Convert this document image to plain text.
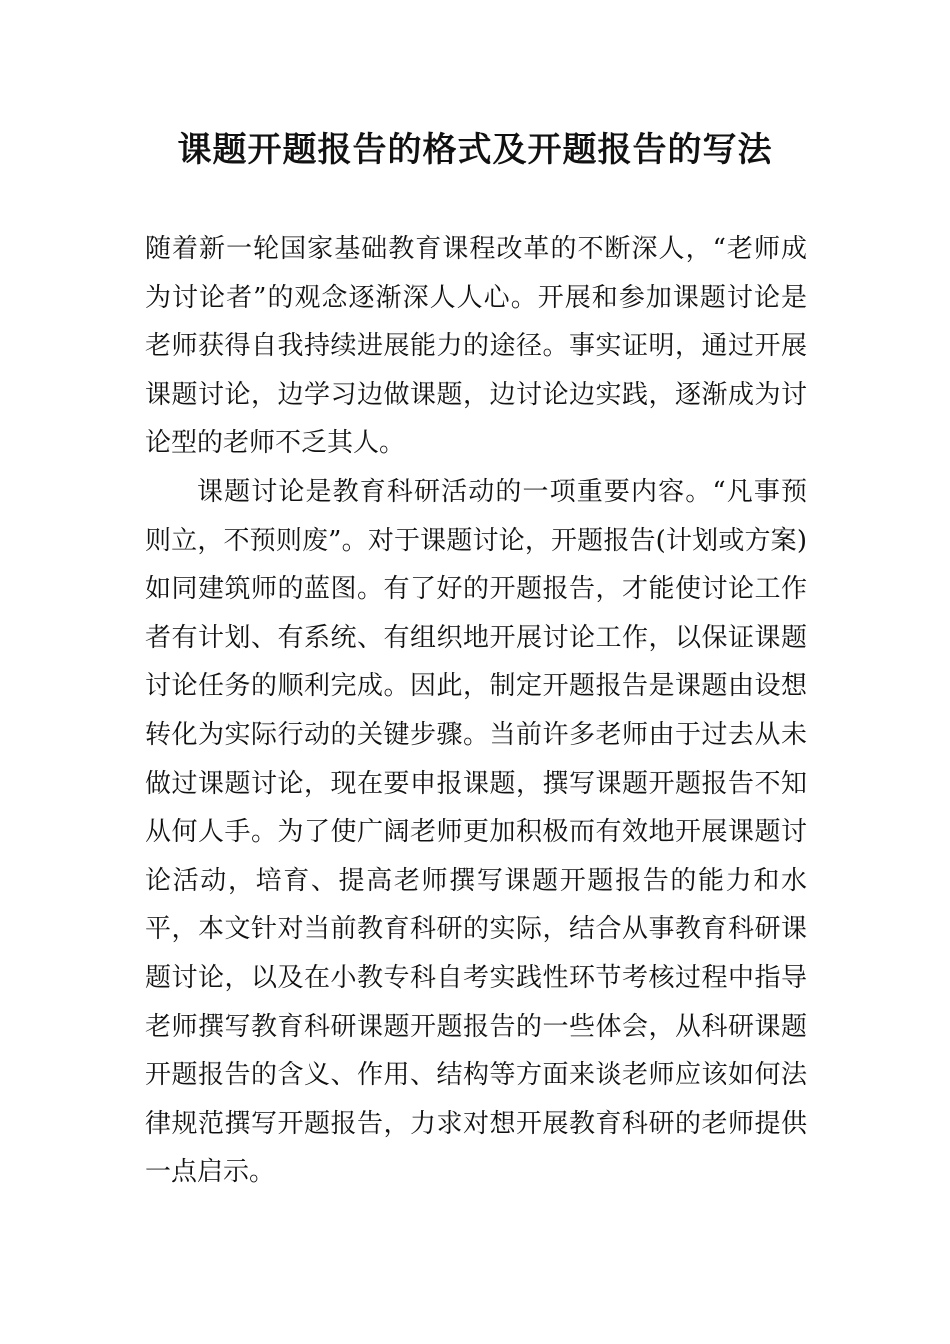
课题开题报告的格式及开题报告的写法

随着新一轮国家基础教育课程改革的不断深人，“老师成为讨论者”的观念逐渐深人人心。开展和参加课题讨论是老师获得自我持续进展能力的途径。事实证明，通过开展课题讨论，边学习边做课题，边讨论边实践，逐渐成为讨论型的老师不乏其人。

课题讨论是教育科研活动的一项重要内容。“凡事预则立，不预则废”。对于课题讨论，开题报告(计划或方案)如同建筑师的蓝图。有了好的开题报告，才能使讨论工作者有计划、有系统、有组织地开展讨论工作，以保证课题讨论任务的顺利完成。因此，制定开题报告是课题由设想转化为实际行动的关键步骤。当前许多老师由于过去从未做过课题讨论，现在要申报课题，撰写课题开题报告不知从何人手。为了使广阔老师更加积极而有效地开展课题讨论活动，培育、提高老师撰写课题开题报告的能力和水平，本文针对当前教育科研的实际，结合从事教育科研课题讨论，以及在小教专科自考实践性环节考核过程中指导老师撰写教育科研课题开题报告的一些体会，从科研课题开题报告的含义、作用、结构等方面来谈老师应该如何法律规范撰写开题报告，力求对想开展教育科研的老师提供一点启示。
